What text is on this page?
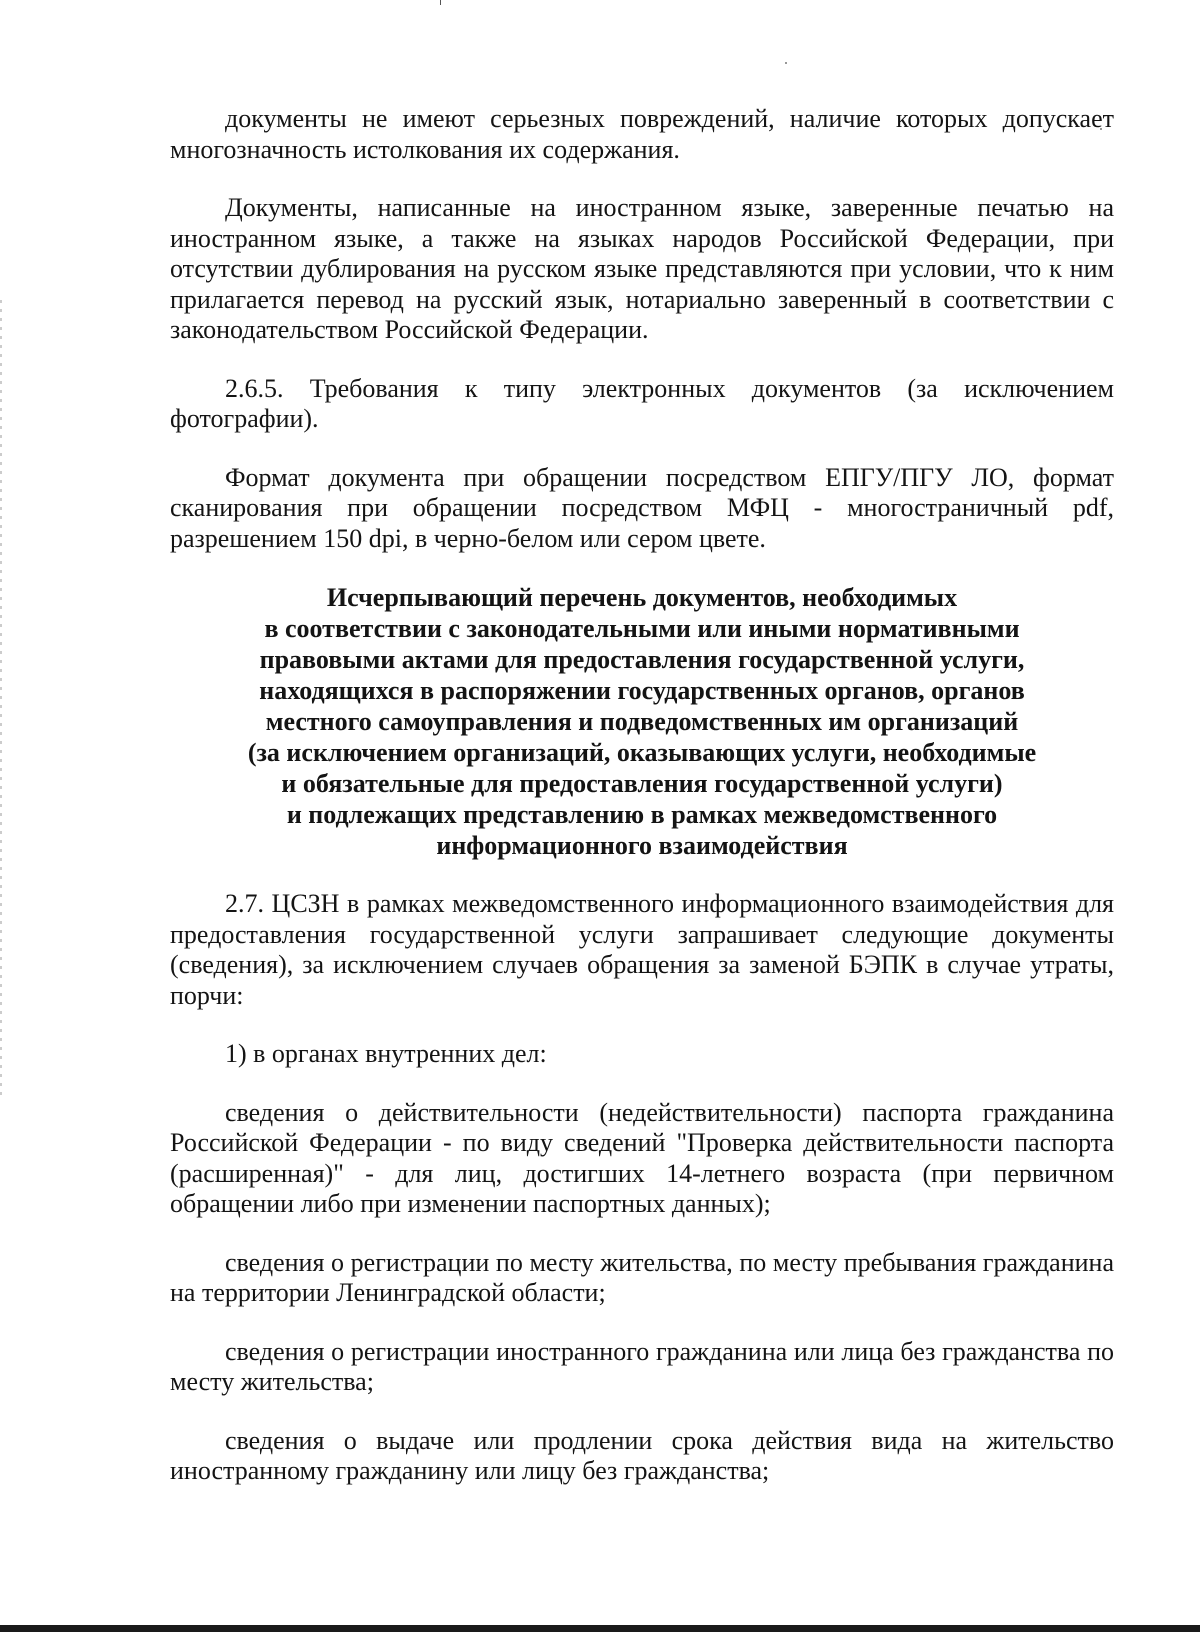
документы не имеют серьезных повреждений, наличие которых допускает многозначность истолкования их содержания.

Документы, написанные на иностранном языке, заверенные печатью на иностранном языке, а также на языках народов Российской Федерации, при отсутствии дублирования на русском языке представляются при условии, что к ним прилагается перевод на русский язык, нотариально заверенный в соответствии с законодательством Российской Федерации.

2.6.5. Требования к типу электронных документов (за исключением фотографии).

Формат документа при обращении посредством ЕПГУ/ПГУ ЛО, формат сканирования при обращении посредством МФЦ - многостраничный pdf, разрешением 150 dpi, в черно-белом или сером цвете.

Исчерпывающий перечень документов, необходимых
в соответствии с законодательными или иными нормативными
правовыми актами для предоставления государственной услуги,
находящихся в распоряжении государственных органов, органов
местного самоуправления и подведомственных им организаций
(за исключением организаций, оказывающих услуги, необходимые
и обязательные для предоставления государственной услуги)
и подлежащих представлению в рамках межведомственного
информационного взаимодействия

2.7. ЦСЗН в рамках межведомственного информационного взаимодействия для предоставления государственной услуги запрашивает следующие документы (сведения), за исключением случаев обращения за заменой БЭПК в случае утраты, порчи:

1) в органах внутренних дел:

сведения о действительности (недействительности) паспорта гражданина Российской Федерации - по виду сведений "Проверка действительности паспорта (расширенная)" - для лиц, достигших 14-летнего возраста (при первичном обращении либо при изменении паспортных данных);

сведения о регистрации по месту жительства, по месту пребывания гражданина на территории Ленинградской области;

сведения о регистрации иностранного гражданина или лица без гражданства по месту жительства;

сведения о выдаче или продлении срока действия вида на жительство иностранному гражданину или лицу без гражданства;
